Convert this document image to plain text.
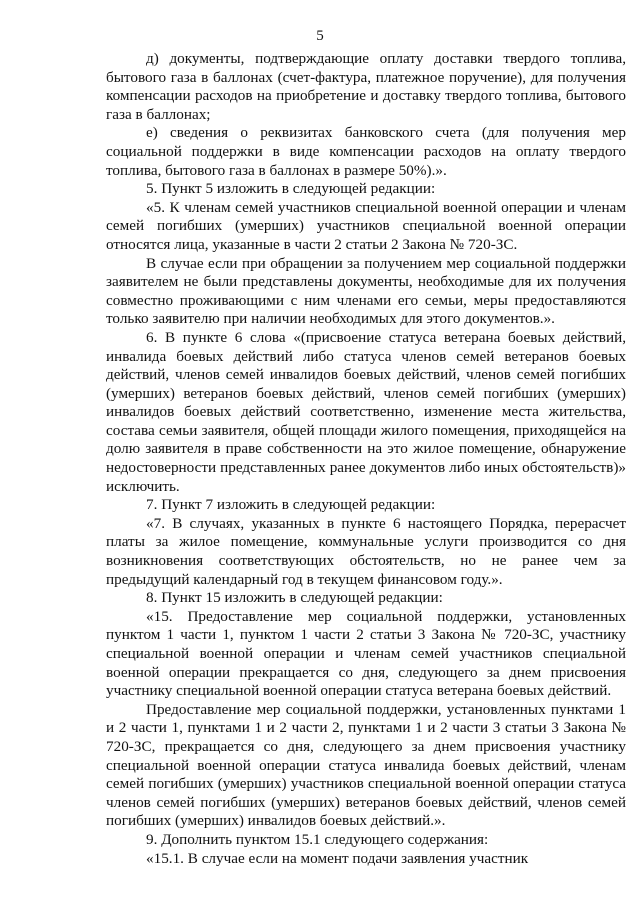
5

д) документы, подтверждающие оплату доставки твердого топлива, бытового газа в баллонах (счет-фактура, платежное поручение), для получения компенсации расходов на приобретение и доставку твердого топлива, бытового газа в баллонах;

е) сведения о реквизитах банковского счета (для получения мер социальной поддержки в виде компенсации расходов на оплату твердого топлива, бытового газа в баллонах в размере 50%).».

5. Пункт 5 изложить в следующей редакции:

«5. К членам семей участников специальной военной операции и членам семей погибших (умерших) участников специальной военной операции относятся лица, указанные в части 2 статьи 2 Закона № 720-ЗС.

В случае если при обращении за получением мер социальной поддержки заявителем не были представлены документы, необходимые для их получения совместно проживающими с ним членами его семьи, меры предоставляются только заявителю при наличии необходимых для этого документов.».

6. В пункте 6 слова «(присвоение статуса ветерана боевых действий, инвалида боевых действий либо статуса членов семей ветеранов боевых действий, членов семей инвалидов боевых действий, членов семей погибших (умерших) ветеранов боевых действий, членов семей погибших (умерших) инвалидов боевых действий соответственно, изменение места жительства, состава семьи заявителя, общей площади жилого помещения, приходящейся на долю заявителя в праве собственности на это жилое помещение, обнаружение недостоверности представленных ранее документов либо иных обстоятельств)» исключить.

7. Пункт 7 изложить в следующей редакции:

«7. В случаях, указанных в пункте 6 настоящего Порядка, перерасчет платы за жилое помещение, коммунальные услуги производится со дня возникновения соответствующих обстоятельств, но не ранее чем за предыдущий календарный год в текущем финансовом году.».

8. Пункт 15 изложить в следующей редакции:

«15. Предоставление мер социальной поддержки, установленных пунктом 1 части 1, пунктом 1 части 2 статьи 3 Закона № 720-ЗС, участнику специальной военной операции и членам семей участников специальной военной операции прекращается со дня, следующего за днем присвоения участнику специальной военной операции статуса ветерана боевых действий.

Предоставление мер социальной поддержки, установленных пунктами 1 и 2 части 1, пунктами 1 и 2 части 2, пунктами 1 и 2 части 3 статьи 3 Закона № 720-ЗС, прекращается со дня, следующего за днем присвоения участнику специальной военной операции статуса инвалида боевых действий, членам семей погибших (умерших) участников специальной военной операции статуса членов семей погибших (умерших) ветеранов боевых действий, членов семей погибших (умерших) инвалидов боевых действий.».

9. Дополнить пунктом 15.1 следующего содержания:

«15.1. В случае если на момент подачи заявления участник
